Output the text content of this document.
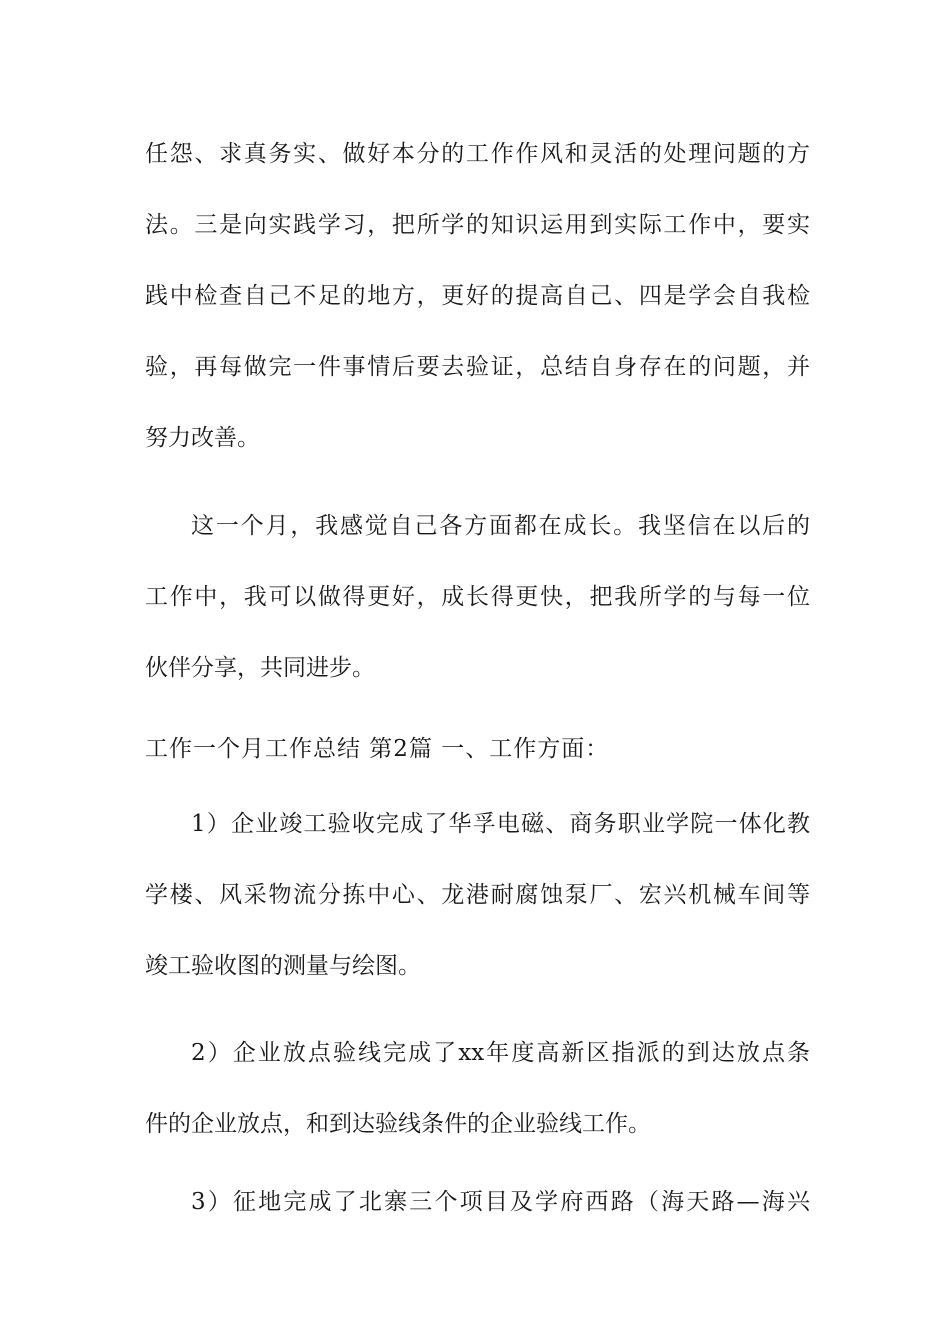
任怨、求真务实、做好本分的工作作风和灵活的处理问题的方
法。三是向实践学习，把所学的知识运用到实际工作中，要实
践中检查自己不足的地方，更好的提高自己、四是学会自我检
验，再每做完一件事情后要去验证，总结自身存在的问题，并
努力改善。
这一个月，我感觉自己各方面都在成长。我坚信在以后的
工作中，我可以做得更好，成长得更快，把我所学的与每一位
伙伴分享，共同进步。
工作一个月工作总结 第2篇 一、工作方面：
1）企业竣工验收完成了华孚电磁、商务职业学院一体化教
学楼、风采物流分拣中心、龙港耐腐蚀泵厂、宏兴机械车间等
竣工验收图的测量与绘图。
2）企业放点验线完成了xx年度高新区指派的到达放点条
件的企业放点，和到达验线条件的企业验线工作。
3）征地完成了北寨三个项目及学府西路（海天路—海兴
